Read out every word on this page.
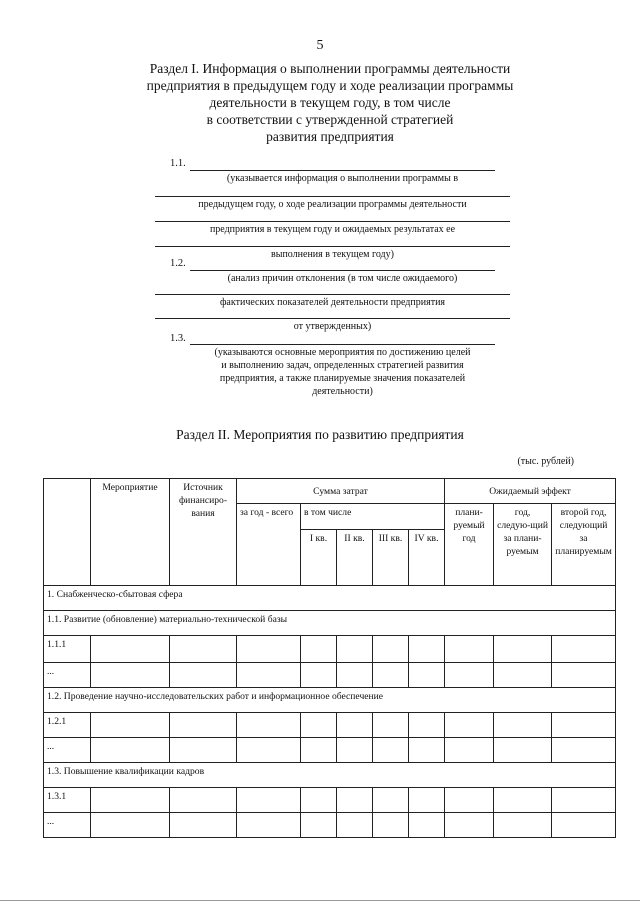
5
Раздел I. Информация о выполнении программы деятельности
предприятия в предыдущем году и ходе реализации программы
деятельности в текущем году, в том числе
в соответствии с утвержденной стратегией
развития предприятия
1.1.
(указывается информация о выполнении программы в
предыдущем году, о ходе реализации программы деятельности
предприятия в текущем году и ожидаемых результатах ее
выполнения в текущем году)
1.2.
(анализ причин отклонения (в том числе ожидаемого)
фактических показателей деятельности предприятия
от утвержденных)
1.3.
(указываются основные мероприятия по достижению целей
и выполнению задач, определенных стратегией развития
предприятия, а также планируемые значения показателей
деятельности)
Раздел II. Мероприятия по развитию предприятия
(тыс. рублей)
	Мероприятие	Источник финансиро-вания	Сумма затрат					Ожидаемый эффект		
			за год - всего	в том числе				плани-руемый год	год, следую-щий за плани-руемым	второй год, следующий за планируемым
				I кв.	II кв.	III кв.	IV кв.			
1. Снабженческо-сбытовая сфера										
1.1. Развитие (обновление) материально-технической базы										
1.1.1										
...										
1.2. Проведение научно-исследовательских работ и информационное обеспечение										
1.2.1										
...										
1.3. Повышение квалификации кадров										
1.3.1										
...										
